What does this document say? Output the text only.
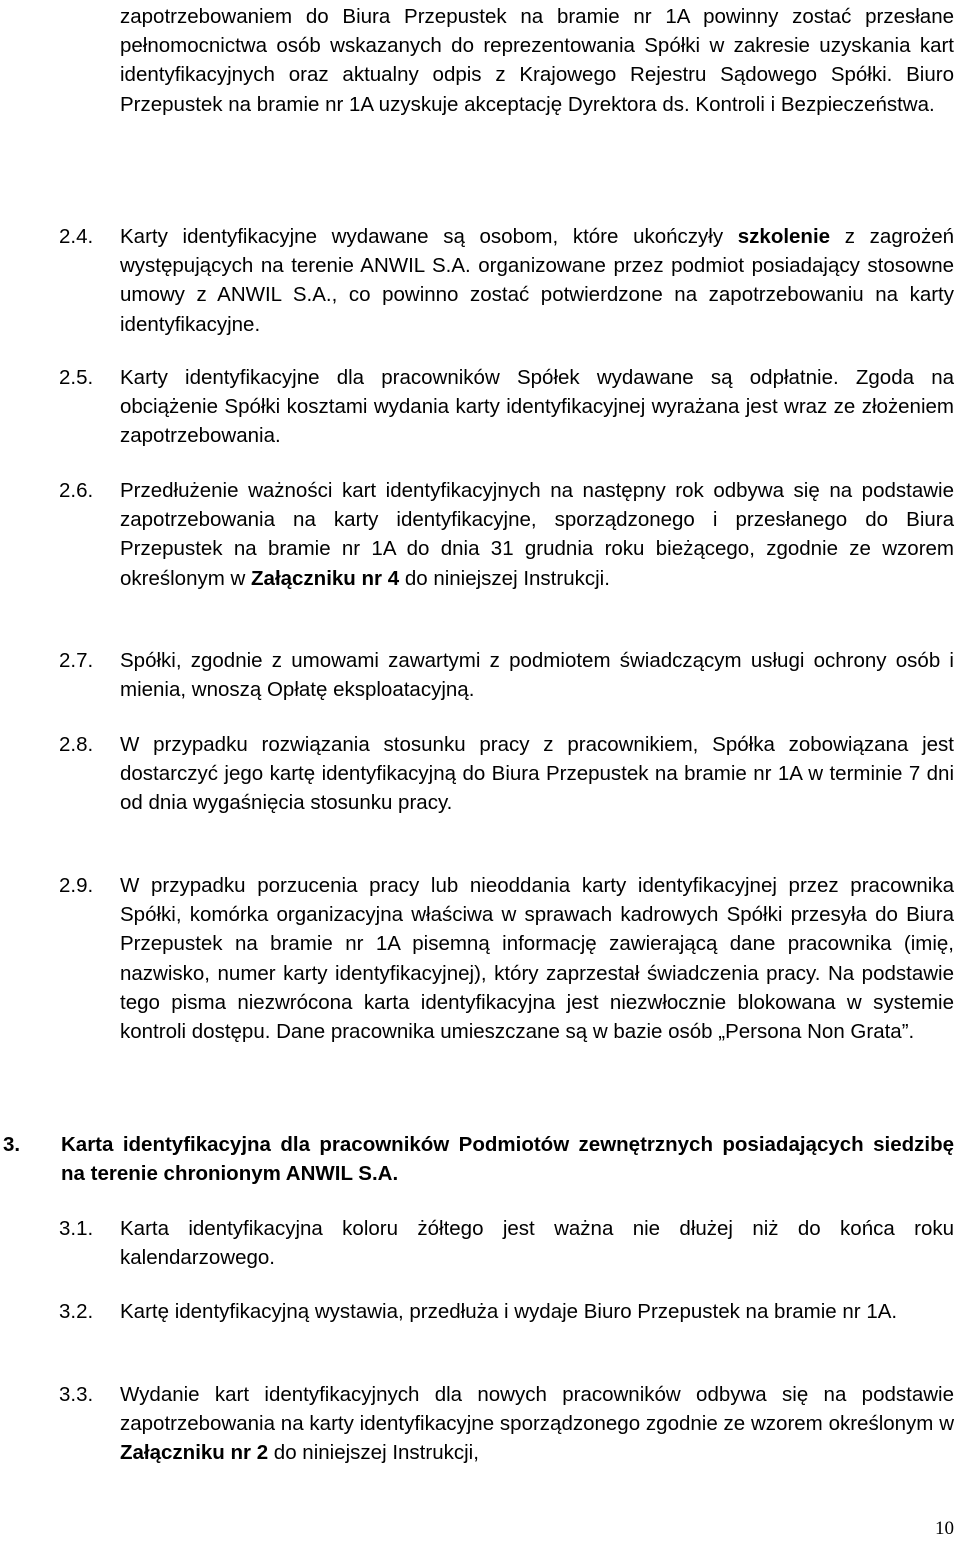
zapotrzebowaniem do Biura Przepustek na bramie nr 1A powinny zostać przesłane pełnomocnictwa osób wskazanych do reprezentowania Spółki w zakresie uzyskania kart identyfikacyjnych oraz aktualny odpis z Krajowego Rejestru Sądowego Spółki. Biuro Przepustek na bramie nr 1A uzyskuje akceptację Dyrektora ds. Kontroli i Bezpieczeństwa.
2.4.	Karty identyfikacyjne wydawane są osobom, które ukończyły szkolenie z zagrożeń występujących na terenie ANWIL S.A. organizowane przez podmiot posiadający stosowne umowy z ANWIL S.A., co powinno zostać potwierdzone na zapotrzebowaniu na karty identyfikacyjne.
2.5.	Karty identyfikacyjne dla pracowników Spółek wydawane są odpłatnie. Zgoda na obciążenie Spółki kosztami wydania karty identyfikacyjnej wyrażana jest wraz ze złożeniem zapotrzebowania.
2.6.	Przedłużenie ważności kart identyfikacyjnych na następny rok odbywa się na podstawie zapotrzebowania na karty identyfikacyjne, sporządzonego i przesłanego do Biura Przepustek na bramie nr 1A do dnia 31 grudnia roku bieżącego, zgodnie ze wzorem określonym w Załączniku nr 4 do niniejszej Instrukcji.
2.7.	Spółki, zgodnie z umowami zawartymi z podmiotem świadczącym usługi ochrony osób i mienia, wnoszą Opłatę eksploatacyjną.
2.8.	W przypadku rozwiązania stosunku pracy z pracownikiem, Spółka zobowiązana jest dostarczyć jego kartę identyfikacyjną do Biura Przepustek na bramie nr 1A w terminie 7 dni od dnia wygaśnięcia stosunku pracy.
2.9.	W przypadku porzucenia pracy lub nieoddania karty identyfikacyjnej przez pracownika Spółki, komórka organizacyjna właściwa w sprawach kadrowych Spółki przesyła do Biura Przepustek na bramie nr 1A pisemną informację zawierającą dane pracownika (imię, nazwisko, numer karty identyfikacyjnej), który zaprzestał świadczenia pracy. Na podstawie tego pisma niezwrócona karta identyfikacyjna jest niezwłocznie blokowana w systemie kontroli dostępu. Dane pracownika umieszczane są w bazie osób „Persona Non Grata”.
3.	Karta identyfikacyjna dla pracowników Podmiotów zewnętrznych posiadających siedzibę na terenie chronionym ANWIL S.A.
3.1.	Karta identyfikacyjna koloru żółtego jest ważna nie dłużej niż do końca roku kalendarzowego.
3.2.	Kartę identyfikacyjną wystawia, przedłuża i wydaje Biuro Przepustek na bramie nr 1A.
3.3.	Wydanie kart identyfikacyjnych dla nowych pracowników odbywa się na podstawie zapotrzebowania na karty identyfikacyjne sporządzonego zgodnie ze wzorem określonym w Załączniku nr 2 do niniejszej Instrukcji,
10
